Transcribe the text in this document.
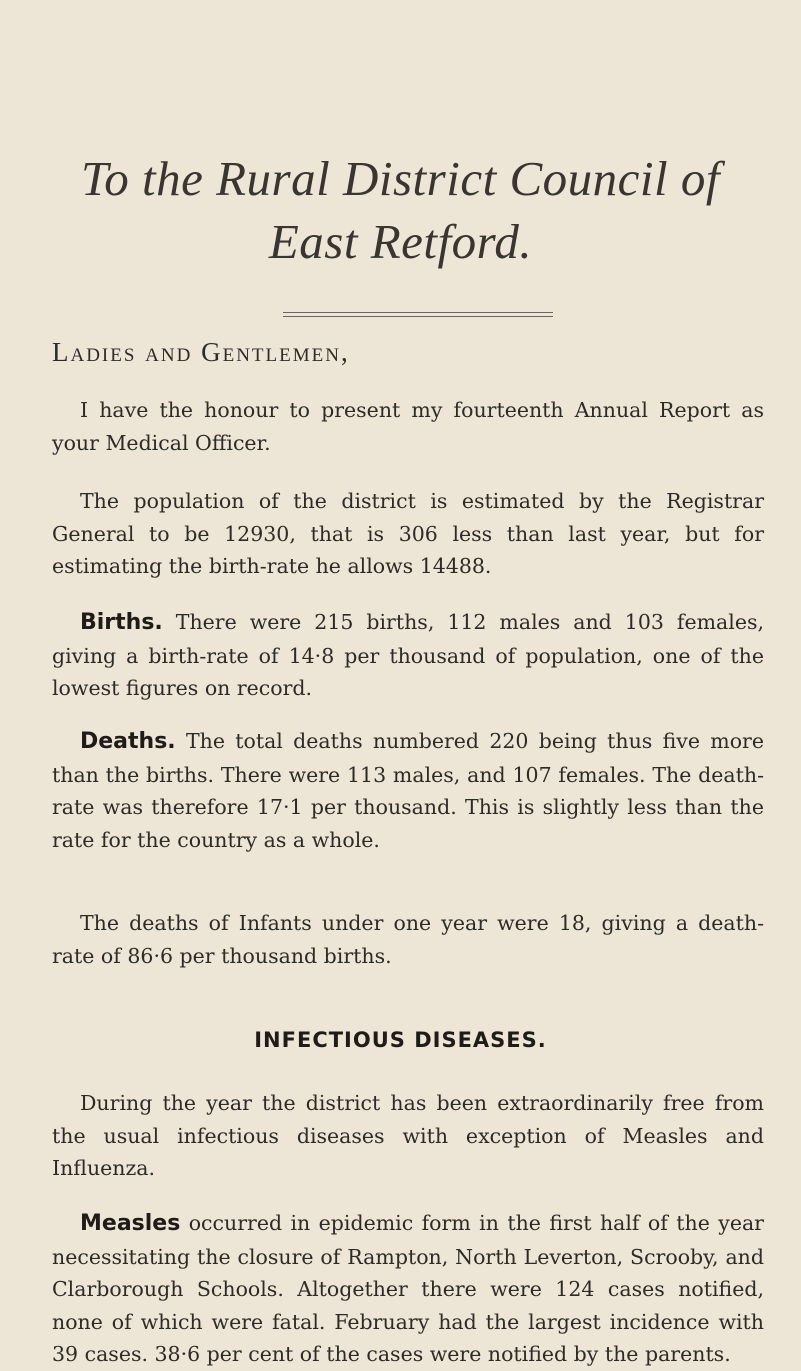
To the Rural District Council of
East Retford.
Ladies and Gentlemen,

I have the honour to present my fourteenth Annual Report as your Medical Officer.

The population of the district is estimated by the Registrar General to be 12930, that is 306 less than last year, but for estimating the birth-rate he allows 14488.

Births. There were 215 births, 112 males and 103 females, giving a birth-rate of 14·8 per thousand of population, one of the lowest figures on record.

Deaths. The total deaths numbered 220 being thus five more than the births. There were 113 males, and 107 females. The death-rate was therefore 17·1 per thousand. This is slightly less than the rate for the country as a whole.

The deaths of Infants under one year were 18, giving a death-rate of 86·6 per thousand births.

INFECTIOUS DISEASES.

During the year the district has been extraordinarily free from the usual infectious diseases with exception of Measles and Influenza.

Measles occurred in epidemic form in the first half of the year necessitating the closure of Rampton, North Leverton, Scrooby, and Clarborough Schools. Altogether there were 124 cases notified, none of which were fatal. February had the largest incidence with 39 cases. 38·6 per cent of the cases were notified by the parents.
